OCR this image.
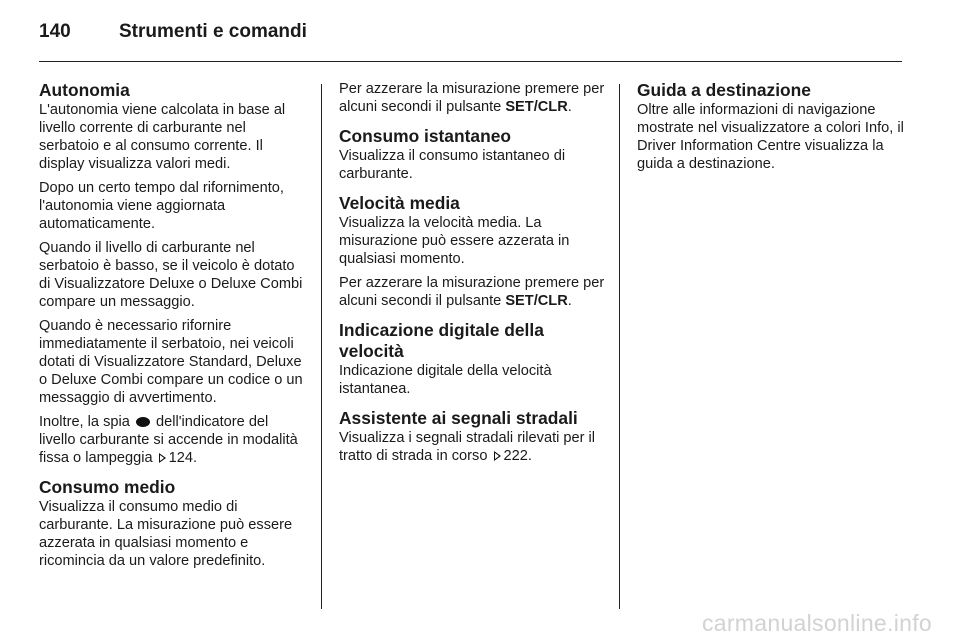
140	Strumenti e comandi
Autonomia

L'autonomia viene calcolata in base al livello corrente di carburante nel serbatoio e al consumo corrente. Il display visualizza valori medi.

Dopo un certo tempo dal rifornimento, l'autonomia viene aggiornata automaticamente.

Quando il livello di carburante nel serbatoio è basso, se il veicolo è dotato di Visualizzatore Deluxe o Deluxe Combi compare un messaggio.

Quando è necessario rifornire immediatamente il serbatoio, nei veicoli dotati di Visualizzatore Standard, Deluxe o Deluxe Combi compare un codice o un messaggio di avvertimento.

Inoltre, la spia dell'indicatore del livello carburante si accende in modalità fissa o lampeggia 124.

Consumo medio

Visualizza il consumo medio di carburante. La misurazione può essere azzerata in qualsiasi momento e ricomincia da un valore predefinito.

Per azzerare la misurazione premere per alcuni secondi il pulsante SET/CLR.

Consumo istantaneo

Visualizza il consumo istantaneo di carburante.

Velocità media

Visualizza la velocità media. La misurazione può essere azzerata in qualsiasi momento.

Per azzerare la misurazione premere per alcuni secondi il pulsante SET/CLR.

Indicazione digitale della velocità

Indicazione digitale della velocità istantanea.

Assistente ai segnali stradali

Visualizza i segnali stradali rilevati per il tratto di strada in corso 222.

Guida a destinazione

Oltre alle informazioni di navigazione mostrate nel visualizzatore a colori Info, il Driver Information Centre visualizza la guida a destinazione.

carmanualsonline.info
